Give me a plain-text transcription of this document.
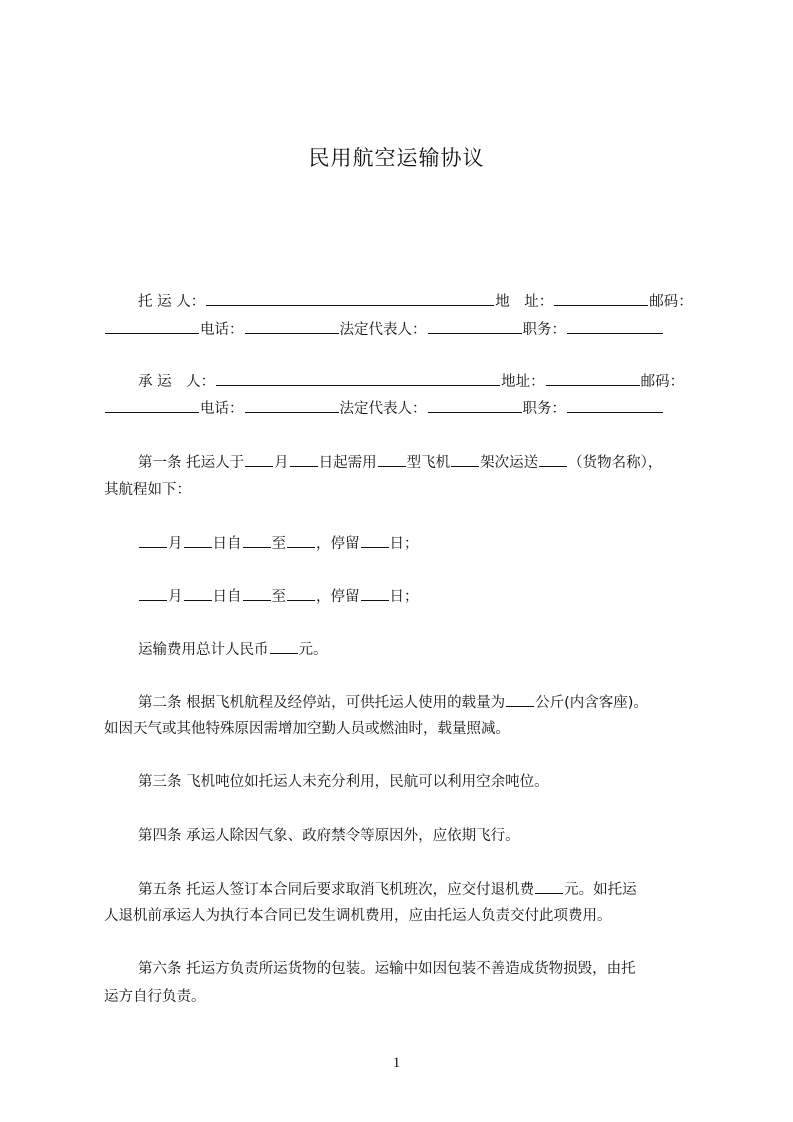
民用航空运输协议
托 运 人：	地　址：	邮码：
电话：	法定代表人：	职务：
承 运　人：	地址：	邮码：
电话：	法定代表人：	职务：
第一条 托运人于 月 日起需用 型飞机 架次运送 （货物名称），
其航程如下：
月 日自 至 ，停留 日；
月 日自 至 ，停留 日；
运输费用总计人民币 元。
第二条 根据飞机航程及经停站，可供托运人使用的载量为 公斤(内含客座)。
如因天气或其他特殊原因需增加空勤人员或燃油时，载量照减。
第三条 飞机吨位如托运人未充分利用，民航可以利用空余吨位。
第四条 承运人除因气象、政府禁令等原因外，应依期飞行。
第五条 托运人签订本合同后要求取消飞机班次，应交付退机费 元。如托运
人退机前承运人为执行本合同已发生调机费用，应由托运人负责交付此项费用。
第六条 托运方负责所运货物的包装。运输中如因包装不善造成货物损毁，由托
运方自行负责。
1
